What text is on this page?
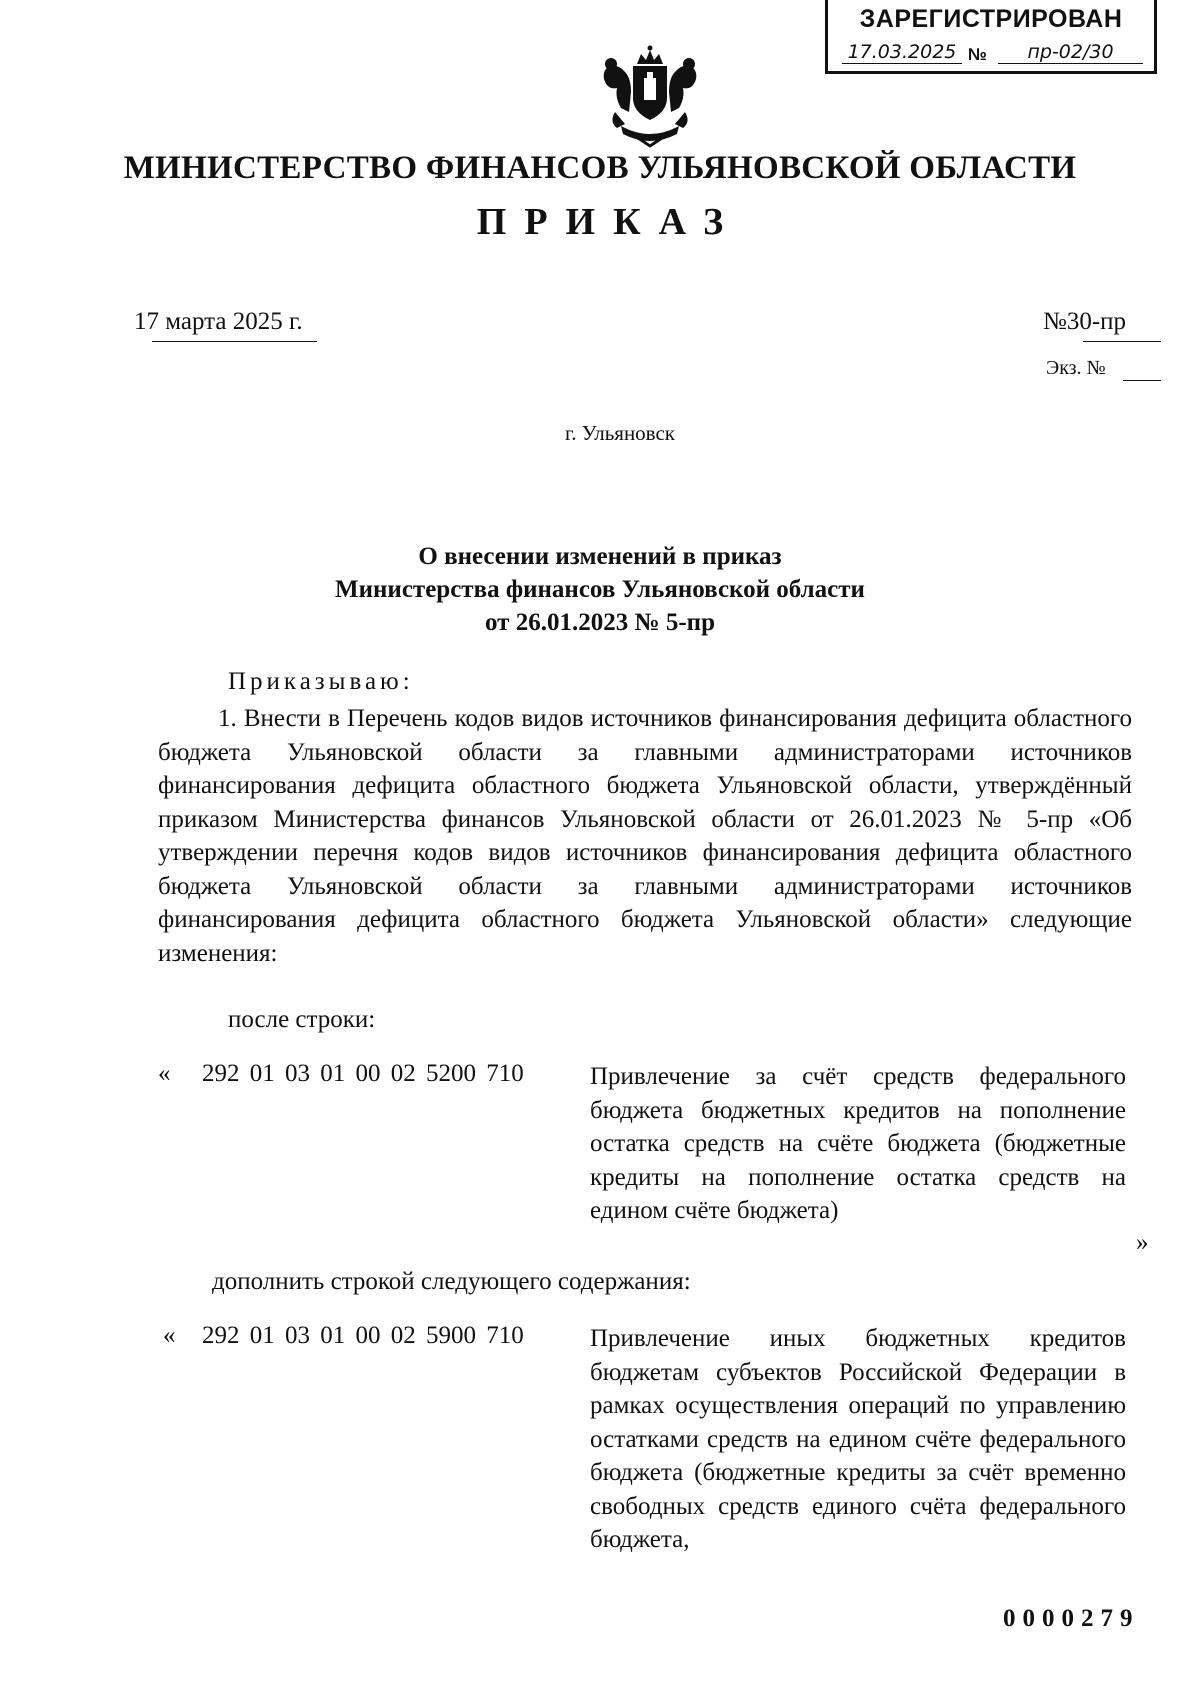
ЗАРЕГИСТРИРОВАН
17.03.2025 №	пр-02/30
МИНИСТЕРСТВО ФИНАНСОВ УЛЬЯНОВСКОЙ ОБЛАСТИ
ПРИКАЗ
17 марта 2025 г.	№30-пр
Экз. №
г. Ульяновск
О внесении изменений в приказ
Министерства финансов Ульяновской области
от 26.01.2023 № 5-пр
Приказываю:
1. Внести в Перечень кодов видов источников финансирования дефицита областного бюджета Ульяновской области за главными администраторами источников финансирования дефицита областного бюджета Ульяновской области, утверждённый приказом Министерства финансов Ульяновской области от 26.01.2023 № 5-пр «Об утверждении перечня кодов видов источников финансирования дефицита областного бюджета Ульяновской области за главными администраторами источников финансирования дефицита областного бюджета Ульяновской области» следующие изменения:
после строки:
« 292 01 03 01 00 02 5200 710	Привлечение за счёт средств федерального бюджета бюджетных кредитов на пополнение остатка средств на счёте бюджета (бюджетные кредиты на пополнение остатка средств на едином счёте бюджета)
»
дополнить строкой следующего содержания:
« 292 01 03 01 00 02 5900 710	Привлечение иных бюджетных кредитов бюджетам субъектов Российской Федерации в рамках осуществления операций по управлению остатками средств на едином счёте федерального бюджета (бюджетные кредиты за счёт временно свободных средств единого счёта федерального бюджета,
0000279
